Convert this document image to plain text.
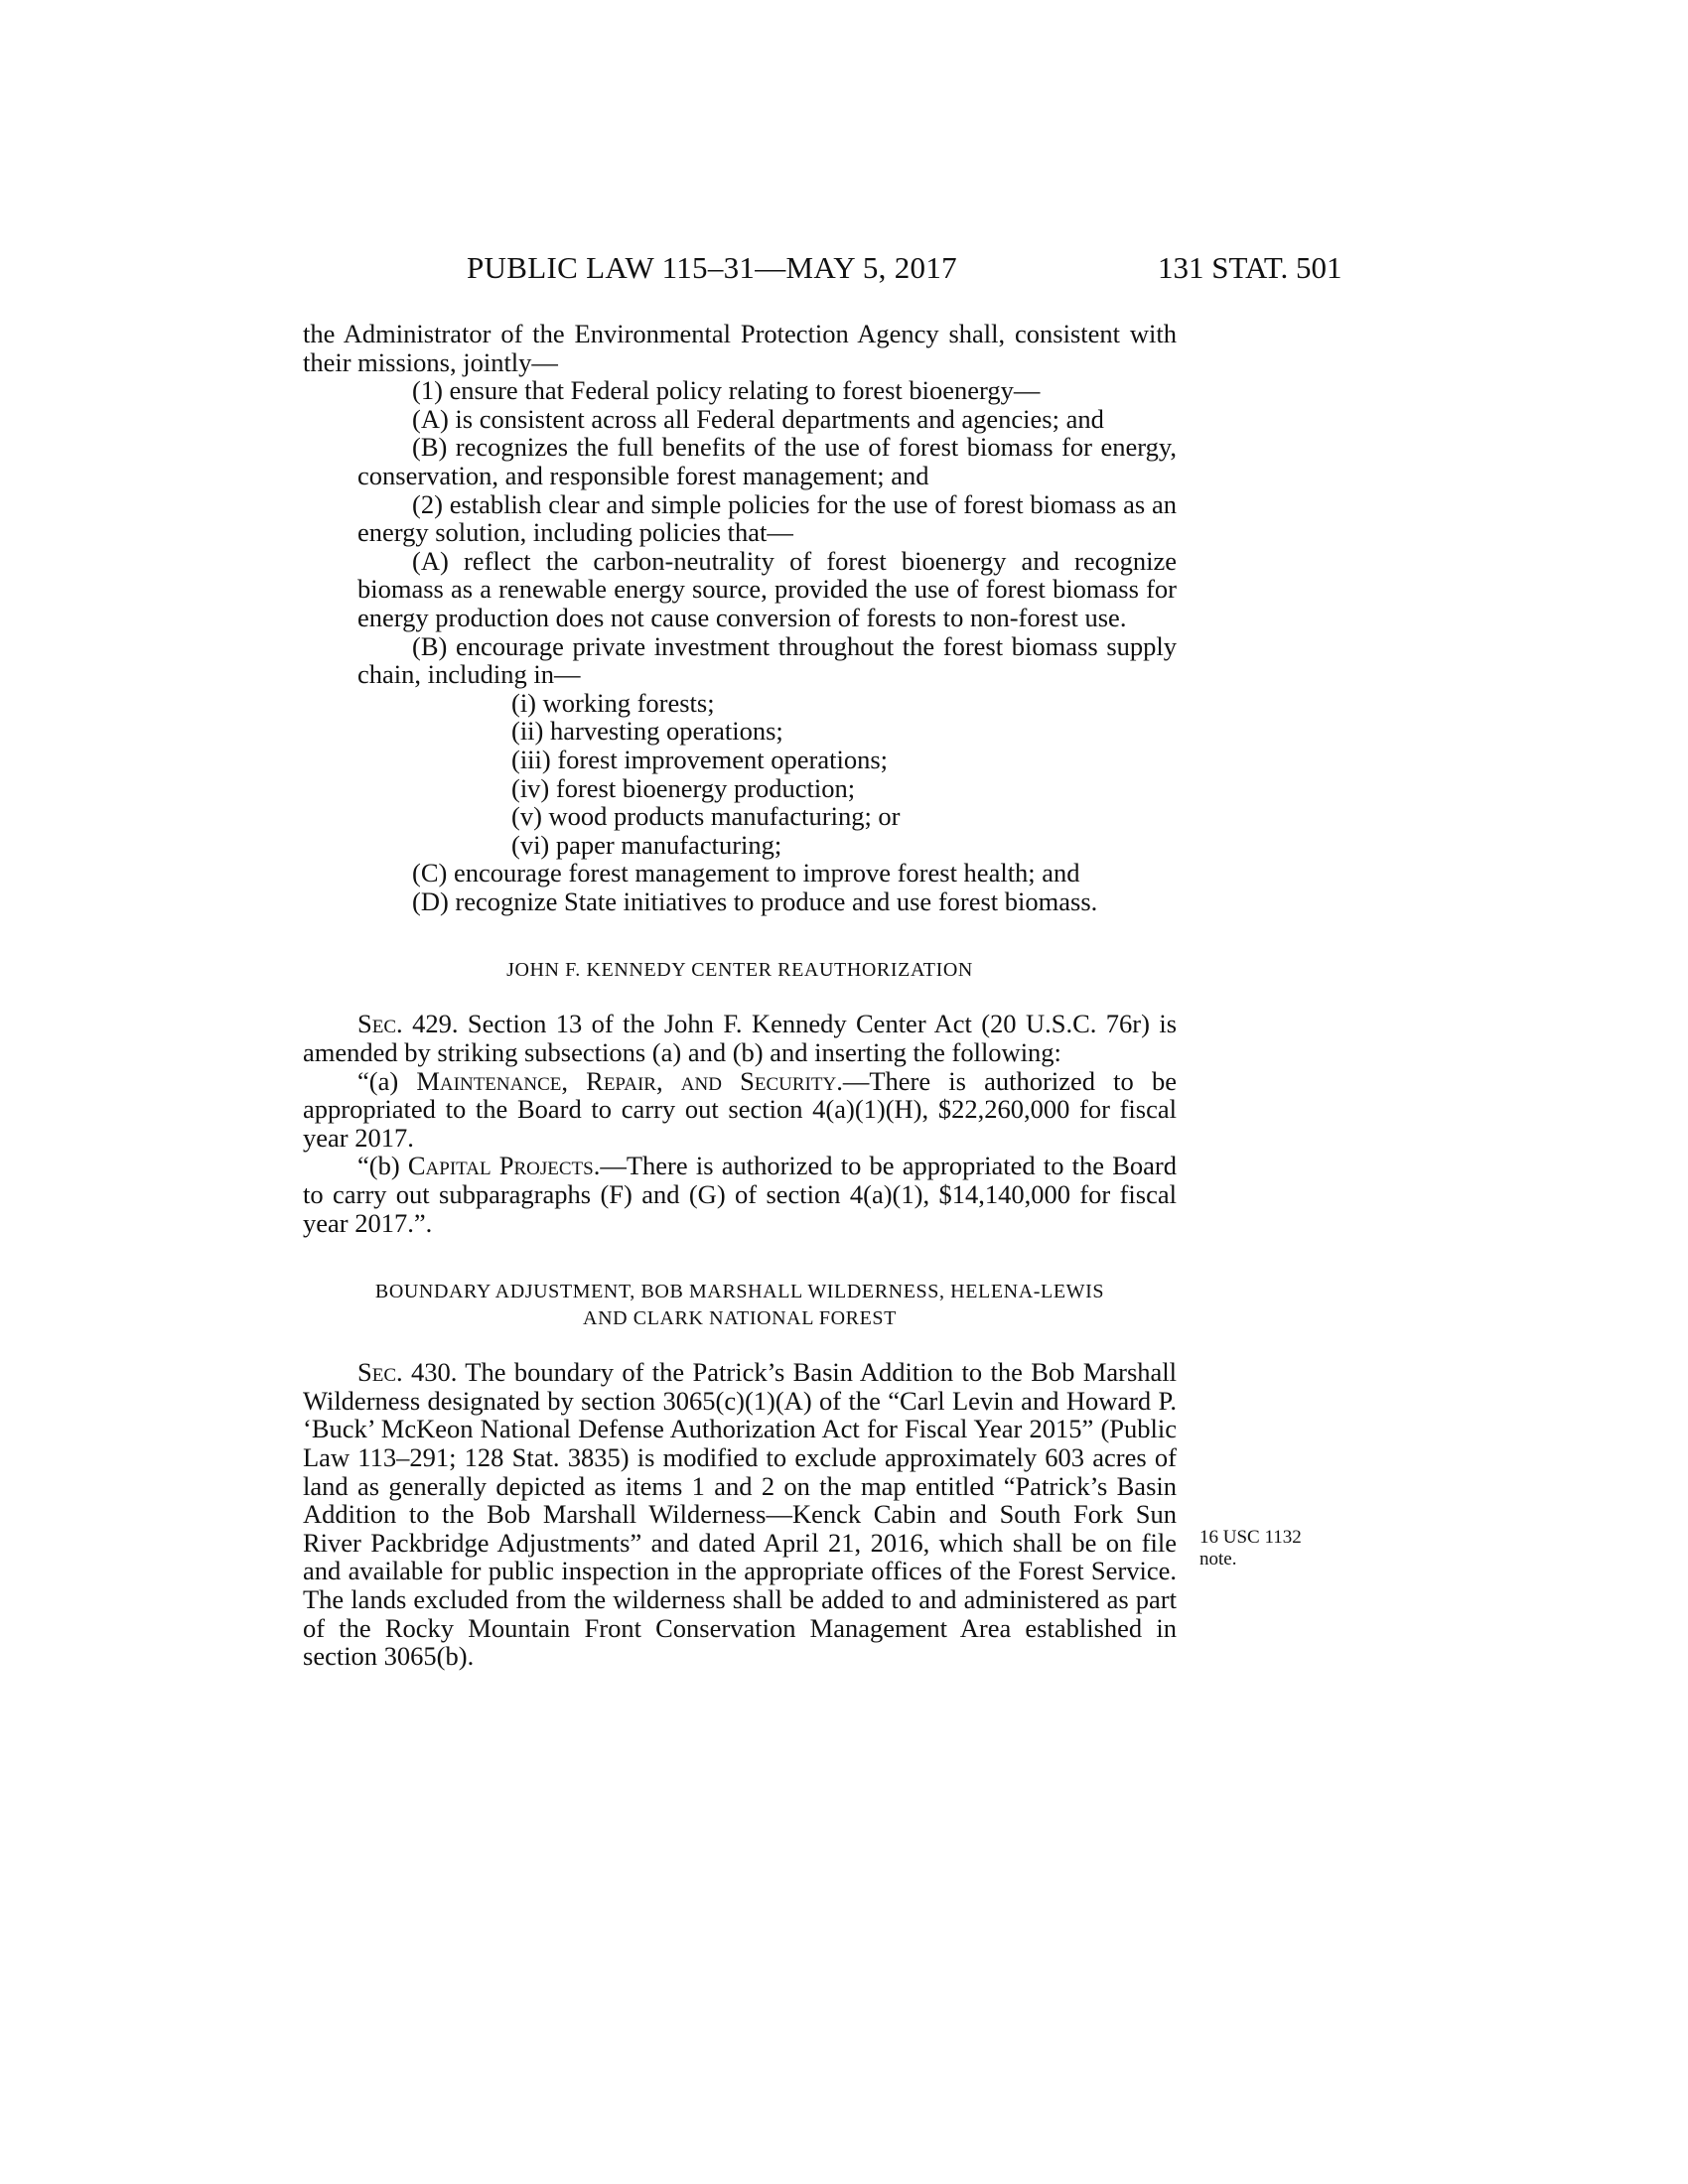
PUBLIC LAW 115–31—MAY 5, 2017	131 STAT. 501

the Administrator of the Environmental Protection Agency shall, consistent with their missions, jointly—

(1) ensure that Federal policy relating to forest bioenergy—

(A) is consistent across all Federal departments and agencies; and

(B) recognizes the full benefits of the use of forest biomass for energy, conservation, and responsible forest management; and

(2) establish clear and simple policies for the use of forest biomass as an energy solution, including policies that—

(A) reflect the carbon-neutrality of forest bioenergy and recognize biomass as a renewable energy source, provided the use of forest biomass for energy production does not cause conversion of forests to non-forest use.

(B) encourage private investment throughout the forest biomass supply chain, including in—

(i) working forests;

(ii) harvesting operations;

(iii) forest improvement operations;

(iv) forest bioenergy production;

(v) wood products manufacturing; or

(vi) paper manufacturing;

(C) encourage forest management to improve forest health; and

(D) recognize State initiatives to produce and use forest biomass.

JOHN F. KENNEDY CENTER REAUTHORIZATION

Sec. 429. Section 13 of the John F. Kennedy Center Act (20 U.S.C. 76r) is amended by striking subsections (a) and (b) and inserting the following:

“(a) Maintenance, Repair, and Security.—There is authorized to be appropriated to the Board to carry out section 4(a)(1)(H), $22,260,000 for fiscal year 2017.

“(b) Capital Projects.—There is authorized to be appropriated to the Board to carry out subparagraphs (F) and (G) of section 4(a)(1), $14,140,000 for fiscal year 2017.”.

BOUNDARY ADJUSTMENT, BOB MARSHALL WILDERNESS, HELENA-LEWIS
AND CLARK NATIONAL FOREST

Sec. 430. The boundary of the Patrick’s Basin Addition to the Bob Marshall Wilderness designated by section 3065(c)(1)(A) of the “Carl Levin and Howard P. ‘Buck’ McKeon National Defense Authorization Act for Fiscal Year 2015” (Public Law 113–291; 128 Stat. 3835) is modified to exclude approximately 603 acres of land as generally depicted as items 1 and 2 on the map entitled “Patrick’s Basin Addition to the Bob Marshall Wilderness—Kenck Cabin and South Fork Sun River Packbridge Adjustments” and dated April 21, 2016, which shall be on file and available for public inspection in the appropriate offices of the Forest Service. The lands excluded from the wilderness shall be added to and administered as part of the Rocky Mountain Front Conservation Management Area established in section 3065(b).

16 USC 1132
note.
